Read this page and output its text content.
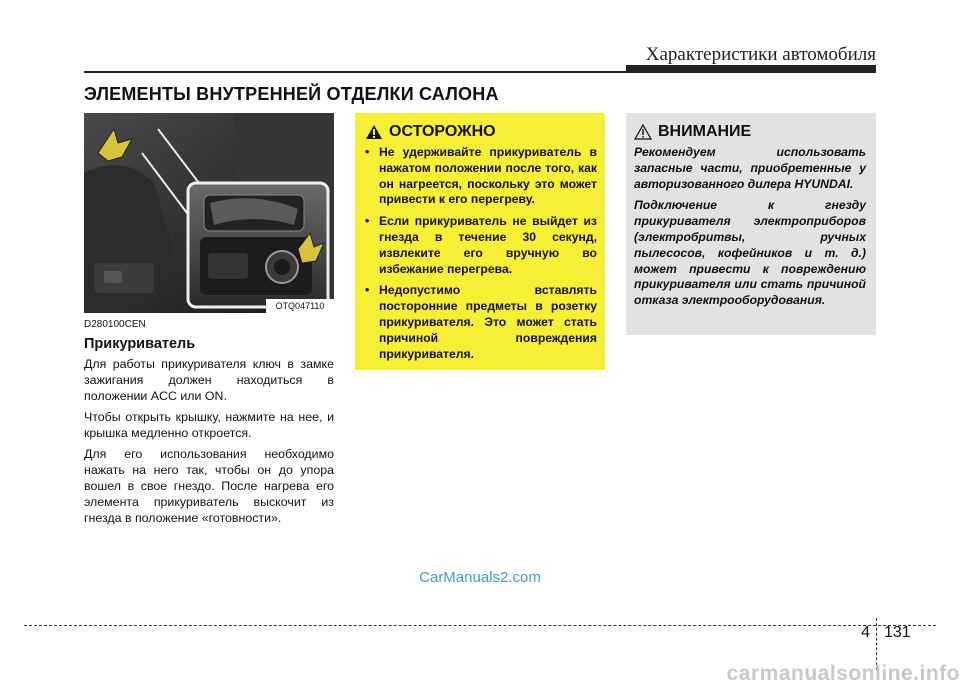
Характеристики автомобиля
ЭЛЕМЕНТЫ ВНУТРЕННЕЙ ОТДЕЛКИ САЛОНА
OTQ047110

D280100CEN

Прикуриватель

Для работы прикуривателя ключ в замке зажигания должен находиться в положении ACC или ON.

Чтобы открыть крышку, нажмите на нее, и крышка медленно откроется.

Для его использования необходимо нажать на него так, чтобы он до упора вошел в свое гнездо. После нагрева его элемента прикуриватель выскочит из гнезда в положение «готовности».

ОСТОРОЖНО
• Не удерживайте прикуриватель в нажатом положении после того, как он нагреется, поскольку это может привести к его перегреву.
• Если прикуриватель не выйдет из гнезда в течение 30 секунд, извлеките его вручную во избежание перегрева.
• Недопустимо вставлять посторонние предметы в розетку прикуривателя. Это может стать причиной повреждения прикуривателя.
ВНИМАНИЕ

Рекомендуем использовать запасные части, приобретенные у авторизованного дилера HYUNDAI.

Подключение к гнезду прикуривателя электроприборов (электробритвы, ручных пылесосов, кофейников и т. д.) может привести к повреждению прикуривателя или стать причиной отказа электрооборудования.

CarManuals2.com
4 131
carmanualsonline.info
